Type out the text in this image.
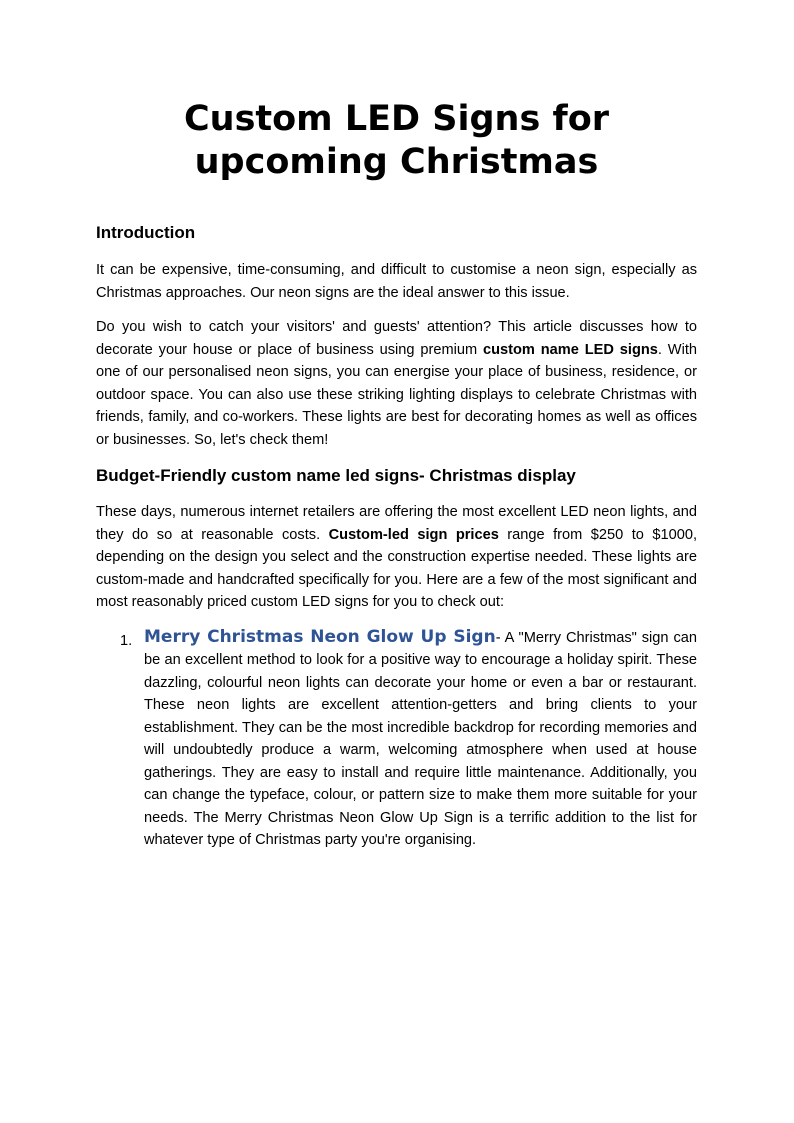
Custom LED Signs for upcoming Christmas
Introduction

It can be expensive, time-consuming, and difficult to customise a neon sign, especially as Christmas approaches. Our neon signs are the ideal answer to this issue.

Do you wish to catch your visitors' and guests' attention? This article discusses how to decorate your house or place of business using premium custom name LED signs. With one of our personalised neon signs, you can energise your place of business, residence, or outdoor space. You can also use these striking lighting displays to celebrate Christmas with friends, family, and co-workers. These lights are best for decorating homes as well as offices or businesses. So, let's check them!

Budget-Friendly custom name led signs- Christmas display

These days, numerous internet retailers are offering the most excellent LED neon lights, and they do so at reasonable costs. Custom-led sign prices range from $250 to $1000, depending on the design you select and the construction expertise needed. These lights are custom-made and handcrafted specifically for you. Here are a few of the most significant and most reasonably priced custom LED signs for you to check out:

1. Merry Christmas Neon Glow Up Sign- A "Merry Christmas" sign can be an excellent method to look for a positive way to encourage a holiday spirit. These dazzling, colourful neon lights can decorate your home or even a bar or restaurant. These neon lights are excellent attention-getters and bring clients to your establishment. They can be the most incredible backdrop for recording memories and will undoubtedly produce a warm, welcoming atmosphere when used at house gatherings. They are easy to install and require little maintenance. Additionally, you can change the typeface, colour, or pattern size to make them more suitable for your needs. The Merry Christmas Neon Glow Up Sign is a terrific addition to the list for whatever type of Christmas party you're organising.
